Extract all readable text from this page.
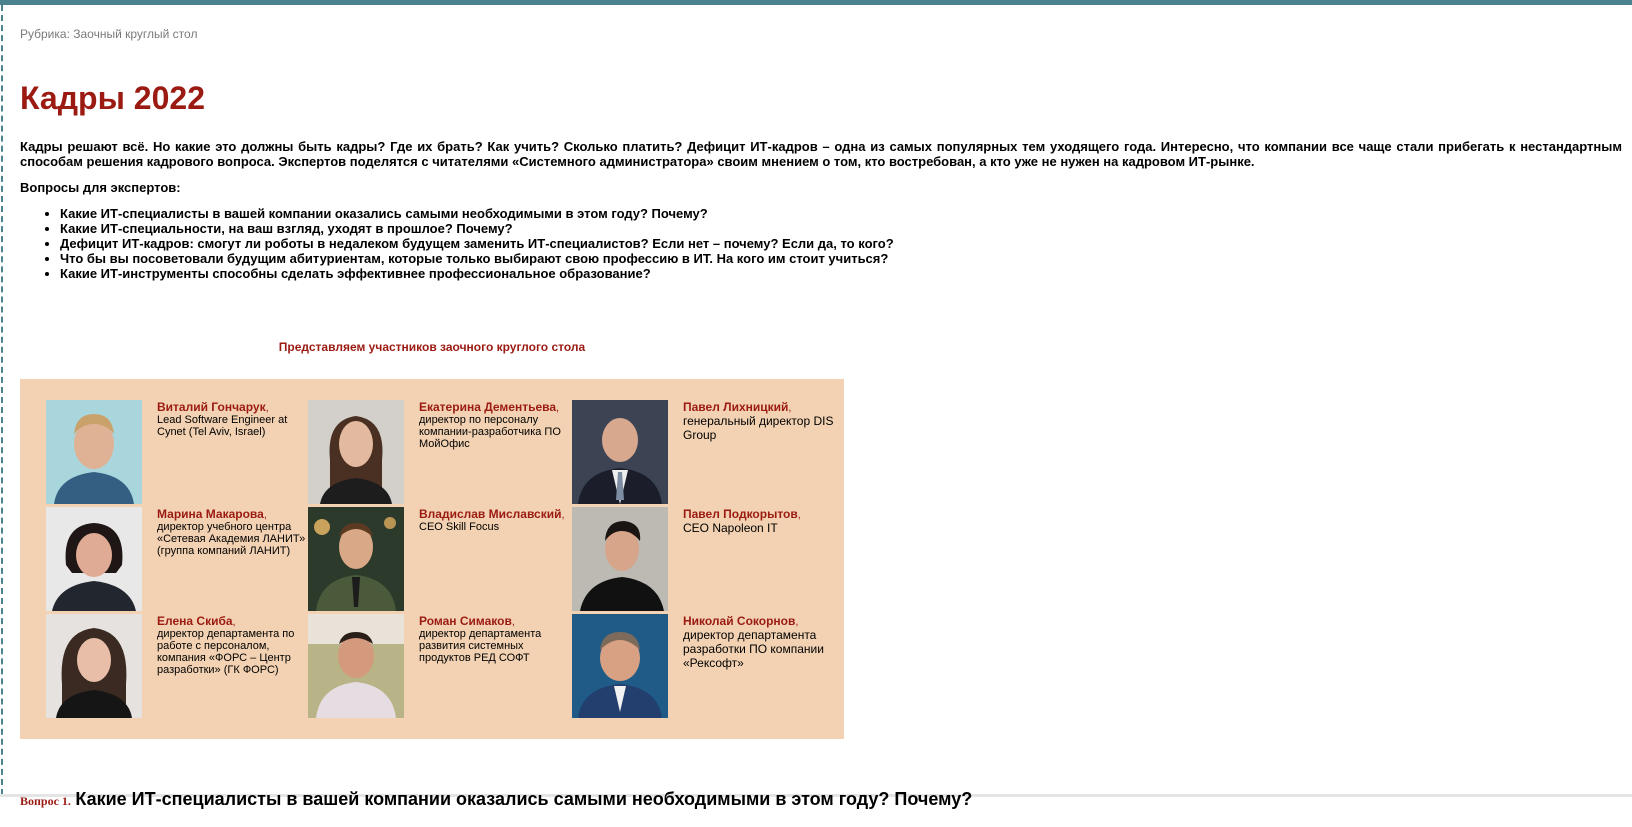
Рубрика: Заочный круглый стол
Кадры 2022

Кадры решают всё. Но какие это должны быть кадры? Где их брать? Как учить? Сколько платить? Дефицит ИТ-кадров – одна из самых популярных тем уходящего года. Интересно, что компании все чаще стали прибегать к нестандартным способам решения кадрового вопроса. Экспертов поделятся с читателями «Системного администратора» своим мнением о том, кто востребован, а кто уже не нужен на кадровом ИТ-рынке.

Вопросы для экспертов:

• Какие ИТ-специалисты в вашей компании оказались самыми необходимыми в этом году? Почему?
• Какие ИТ-специальности, на ваш взгляд, уходят в прошлое? Почему?
• Дефицит ИТ-кадров: смогут ли роботы в недалеком будущем заменить ИТ-специалистов? Если нет – почему? Если да, то кого?
• Что бы вы посоветовали будущим абитуриентам, которые только выбирают свою профессию в ИТ. На кого им стоит учиться?
• Какие ИТ-инструменты способны сделать эффективнее профессиональное образование?
Представляем участников заочного круглого стола
Виталий Гончарук,
Lead Software Engineer at Cynet (Tel Aviv, Israel)
Екатерина Дементьева,
директор по персоналу компании-разработчика ПО МойОфис
Павел Лихницкий,
генеральный директор DIS Group
Марина Макарова,
директор учебного центра «Сетевая Академия ЛАНИТ» (группа компаний ЛАНИТ)
Владислав Миславский,
CEO Skill Focus
Павел Подкорытов,
CEO Napoleon IT
Елена Скиба,
директор департамента по работе с персоналом, компания «ФОРС – Центр разработки» (ГК ФОРС)
Роман Симаков,
директор департамента развития системных продуктов РЕД СОФТ
Николай Сокорнов,
директор департамента разработки ПО компании «Рексофт»

Вопрос 1. Какие ИТ-специалисты в вашей компании оказались самыми необходимыми в этом году? Почему?
